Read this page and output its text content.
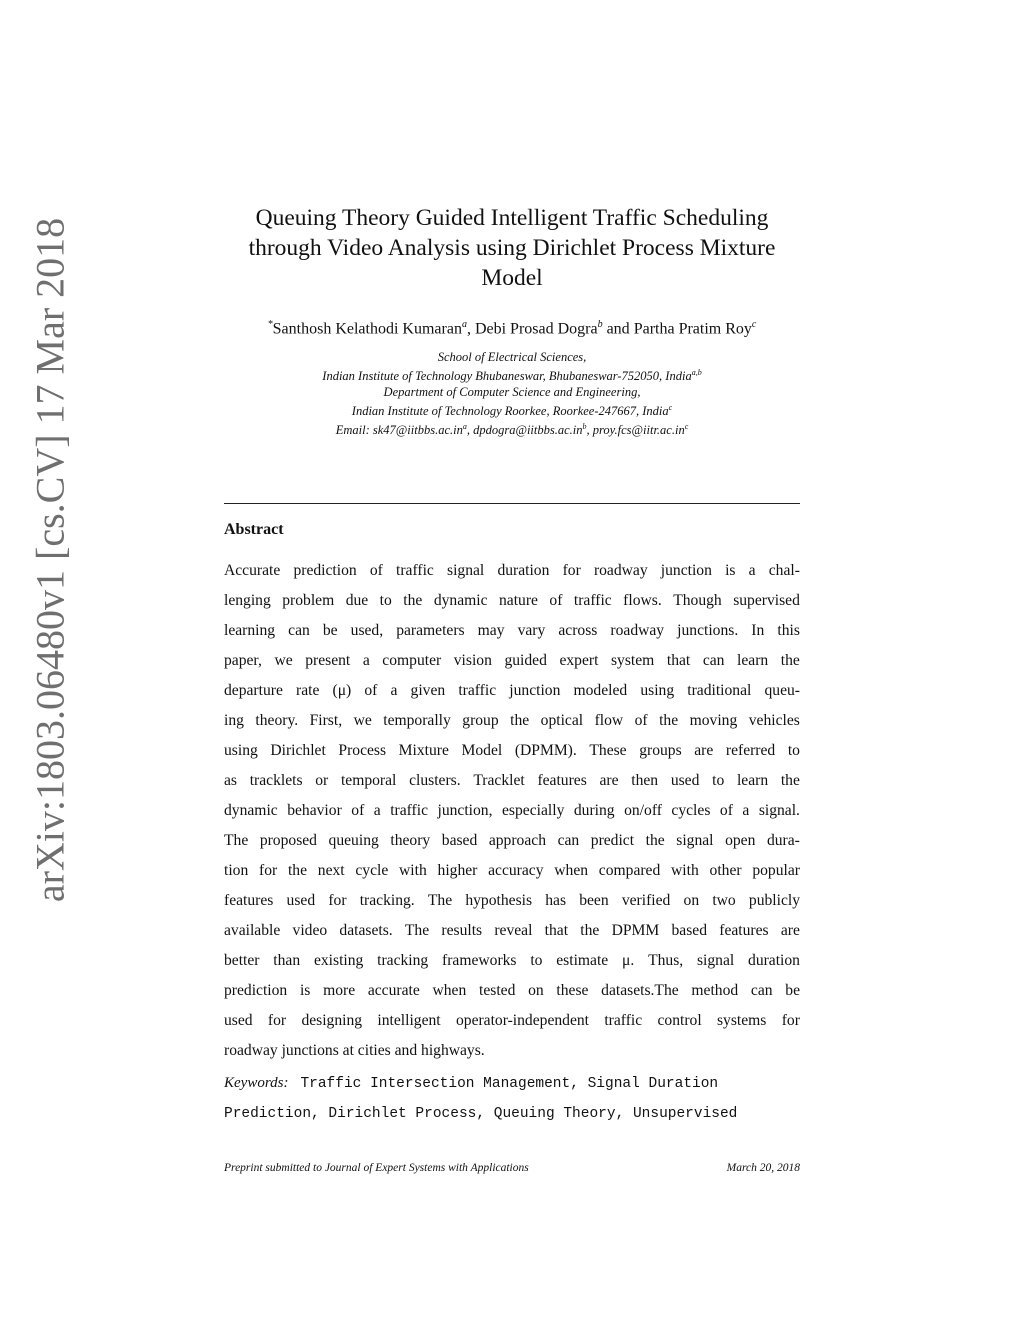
arXiv:1803.06480v1 [cs.CV] 17 Mar 2018	Queuing Theory Guided Intelligent Traffic Scheduling
through Video Analysis using Dirichlet Process Mixture
Model
*Santhosh Kelathodi Kumaran$^a$, Debi Prosad Dogra$^b$ and Partha Pratim Roy$^c$
School of Electrical Sciences,
Indian Institute of Technology Bhubaneswar, Bhubaneswar-752050, India$^{a,b}$
Department of Computer Science and Engineering,
Indian Institute of Technology Roorkee, Roorkee-247667, India$^c$
Email: $sk47@iitbbs.ac.in^a$, $dpdogra@iitbbs.ac.in^b$, $proy.fcs@iitr.ac.in^c$
Abstract
Accurate prediction of traffic signal duration for roadway junction is a chal-
lenging problem due to the dynamic nature of traffic flows. Though supervised
learning can be used, parameters may vary across roadway junctions. In this
paper, we present a computer vision guided expert system that can learn the
departure rate (μ) of a given traffic junction modeled using traditional queu-
ing theory. First, we temporally group the optical flow of the moving vehicles
using Dirichlet Process Mixture Model (DPMM). These groups are referred to
as tracklets or temporal clusters. Tracklet features are then used to learn the
dynamic behavior of a traffic junction, especially during on/off cycles of a signal.
The proposed queuing theory based approach can predict the signal open dura-
tion for the next cycle with higher accuracy when compared with other popular
features used for tracking. The hypothesis has been verified on two publicly
available video datasets. The results reveal that the DPMM based features are
better than existing tracking frameworks to estimate μ. Thus, signal duration
prediction is more accurate when tested on these datasets.The method can be
used for designing intelligent operator-independent traffic control systems for
roadway junctions at cities and highways.
Keywords: Traffic Intersection Management, Signal Duration
Prediction, Dirichlet Process, Queuing Theory, Unsupervised
Preprint submitted to Journal of Expert Systems with Applications	March 20, 2018
